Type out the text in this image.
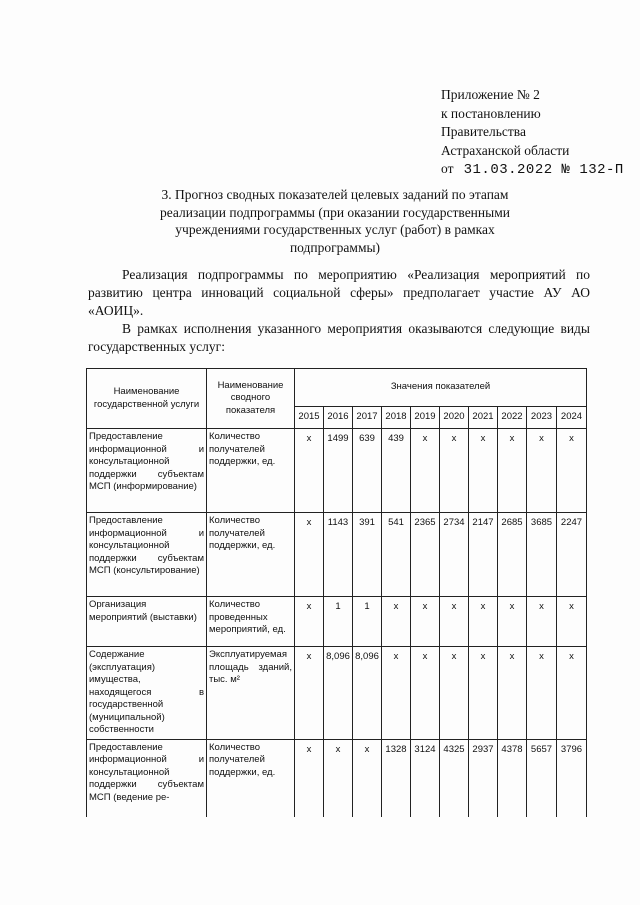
Приложение № 2
к постановлению
Правительства
Астраханской области
от 31.03.2022 № 132-П
3. Прогноз сводных показателей целевых заданий по этапам реализации подпрограммы (при оказании государственными учреждениями государственных услуг (работ) в рамках подпрограммы)
Реализация подпрограммы по мероприятию «Реализация мероприятий по развитию центра инноваций социальной сферы» предполагает участие АУ АО «АОИЦ».
В рамках исполнения указанного мероприятия оказываются следующие виды государственных услуг:
Наименование государственной услуги	Наименование сводного показателя	Значения показателей									
		2015	2016	2017	2018	2019	2020	2021	2022	2023	2024
Предоставление информационной и консультационной поддержки субъектам МСП (информирование)	Количество получателей поддержки, ед.	х	1499	639	439	х	х	х	х	х	х
Предоставление информационной и консультационной поддержки субъектам МСП (консультирование)	Количество получателей поддержки, ед.	х	1143	391	541	2365	2734	2147	2685	3685	2247
Организация мероприятий (выставки)	Количество проведенных мероприятий, ед.	х	1	1	х	х	х	х	х	х	х
Содержание (эксплуатация) имущества, находящегося в государственной (муниципальной) собственности	Эксплуатируемая площадь зданий, тыс. м²	х	8,096	8,096	х	х	х	х	х	х	х
Предоставление информационной и консультационной поддержки субъектам МСП (ведение ре-	Количество получателей поддержки, ед.	х	х	х	1328	3124	4325	2937	4378	5657	3796
